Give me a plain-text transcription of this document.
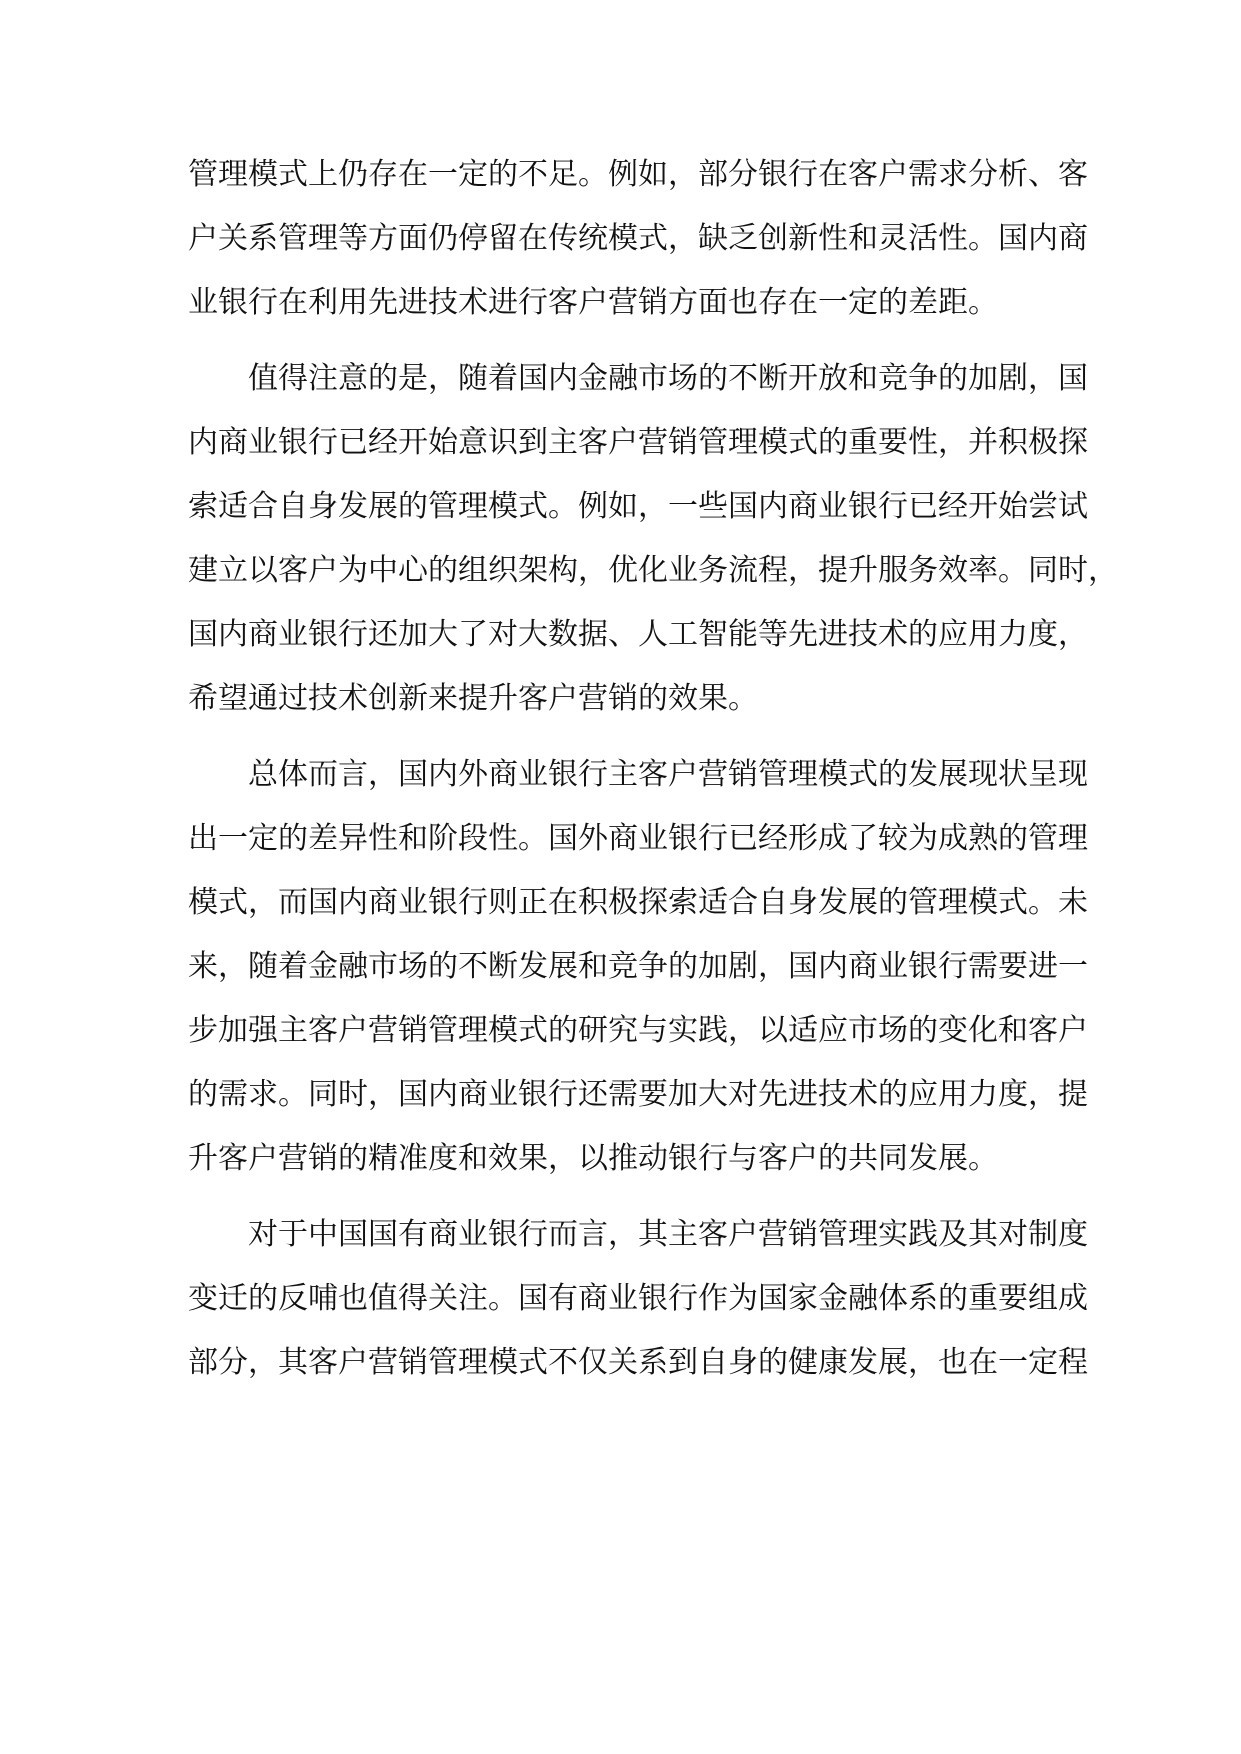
管理模式上仍存在一定的不足。例如，部分银行在客户需求分析、客
户关系管理等方面仍停留在传统模式，缺乏创新性和灵活性。国内商
业银行在利用先进技术进行客户营销方面也存在一定的差距。
值得注意的是，随着国内金融市场的不断开放和竞争的加剧，国
内商业银行已经开始意识到主客户营销管理模式的重要性，并积极探
索适合自身发展的管理模式。例如，一些国内商业银行已经开始尝试
建立以客户为中心的组织架构，优化业务流程，提升服务效率。同时，
国内商业银行还加大了对大数据、人工智能等先进技术的应用力度，
希望通过技术创新来提升客户营销的效果。
总体而言，国内外商业银行主客户营销管理模式的发展现状呈现
出一定的差异性和阶段性。国外商业银行已经形成了较为成熟的管理
模式，而国内商业银行则正在积极探索适合自身发展的管理模式。未
来，随着金融市场的不断发展和竞争的加剧，国内商业银行需要进一
步加强主客户营销管理模式的研究与实践，以适应市场的变化和客户
的需求。同时，国内商业银行还需要加大对先进技术的应用力度，提
升客户营销的精准度和效果，以推动银行与客户的共同发展。
对于中国国有商业银行而言，其主客户营销管理实践及其对制度
变迁的反哺也值得关注。国有商业银行作为国家金融体系的重要组成
部分，其客户营销管理模式不仅关系到自身的健康发展，也在一定程
